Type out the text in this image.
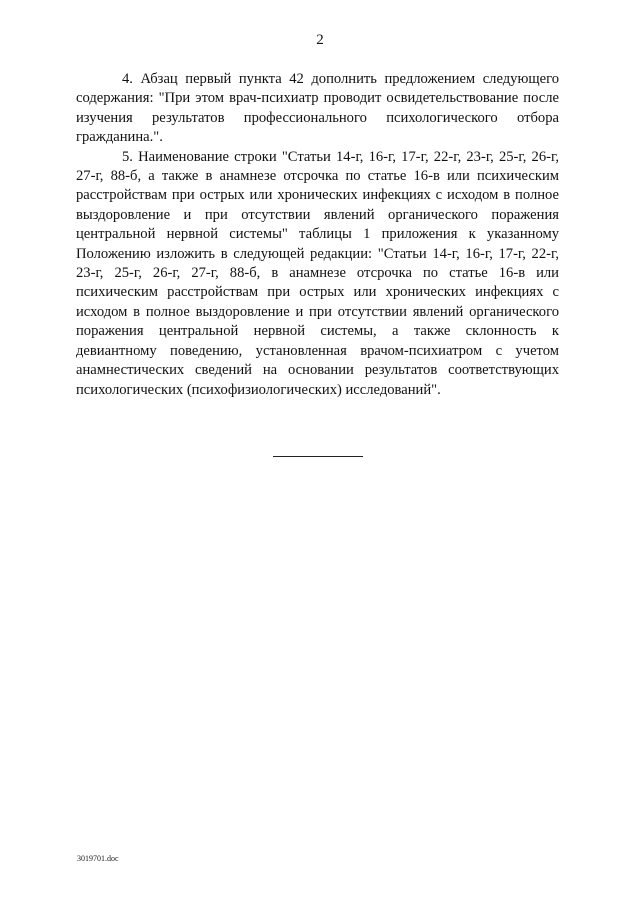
2

4. Абзац первый пункта 42 дополнить предложением следующего содержания: "При этом врач-психиатр проводит освидетельствование после изучения результатов профессионального психологического отбора гражданина.".

5. Наименование строки "Статьи 14-г, 16-г, 17-г, 22-г, 23-г, 25-г, 26-г, 27-г, 88-б, а также в анамнезе отсрочка по статье 16-в или психическим расстройствам при острых или хронических инфекциях с исходом в полное выздоровление и при отсутствии явлений органического поражения центральной нервной системы" таблицы 1 приложения к указанному Положению изложить в следующей редакции: "Статьи 14-г, 16-г, 17-г, 22-г, 23-г, 25-г, 26-г, 27-г, 88-б, в анамнезе отсрочка по статье 16-в или психическим расстройствам при острых или хронических инфекциях с исходом в полное выздоровление и при отсутствии явлений органического поражения центральной нервной системы, а также склонность к девиантному поведению, установленная врачом-психиатром с учетом анамнестических сведений на основании результатов соответствующих психологических (психофизиологических) исследований".

3019701.doc
